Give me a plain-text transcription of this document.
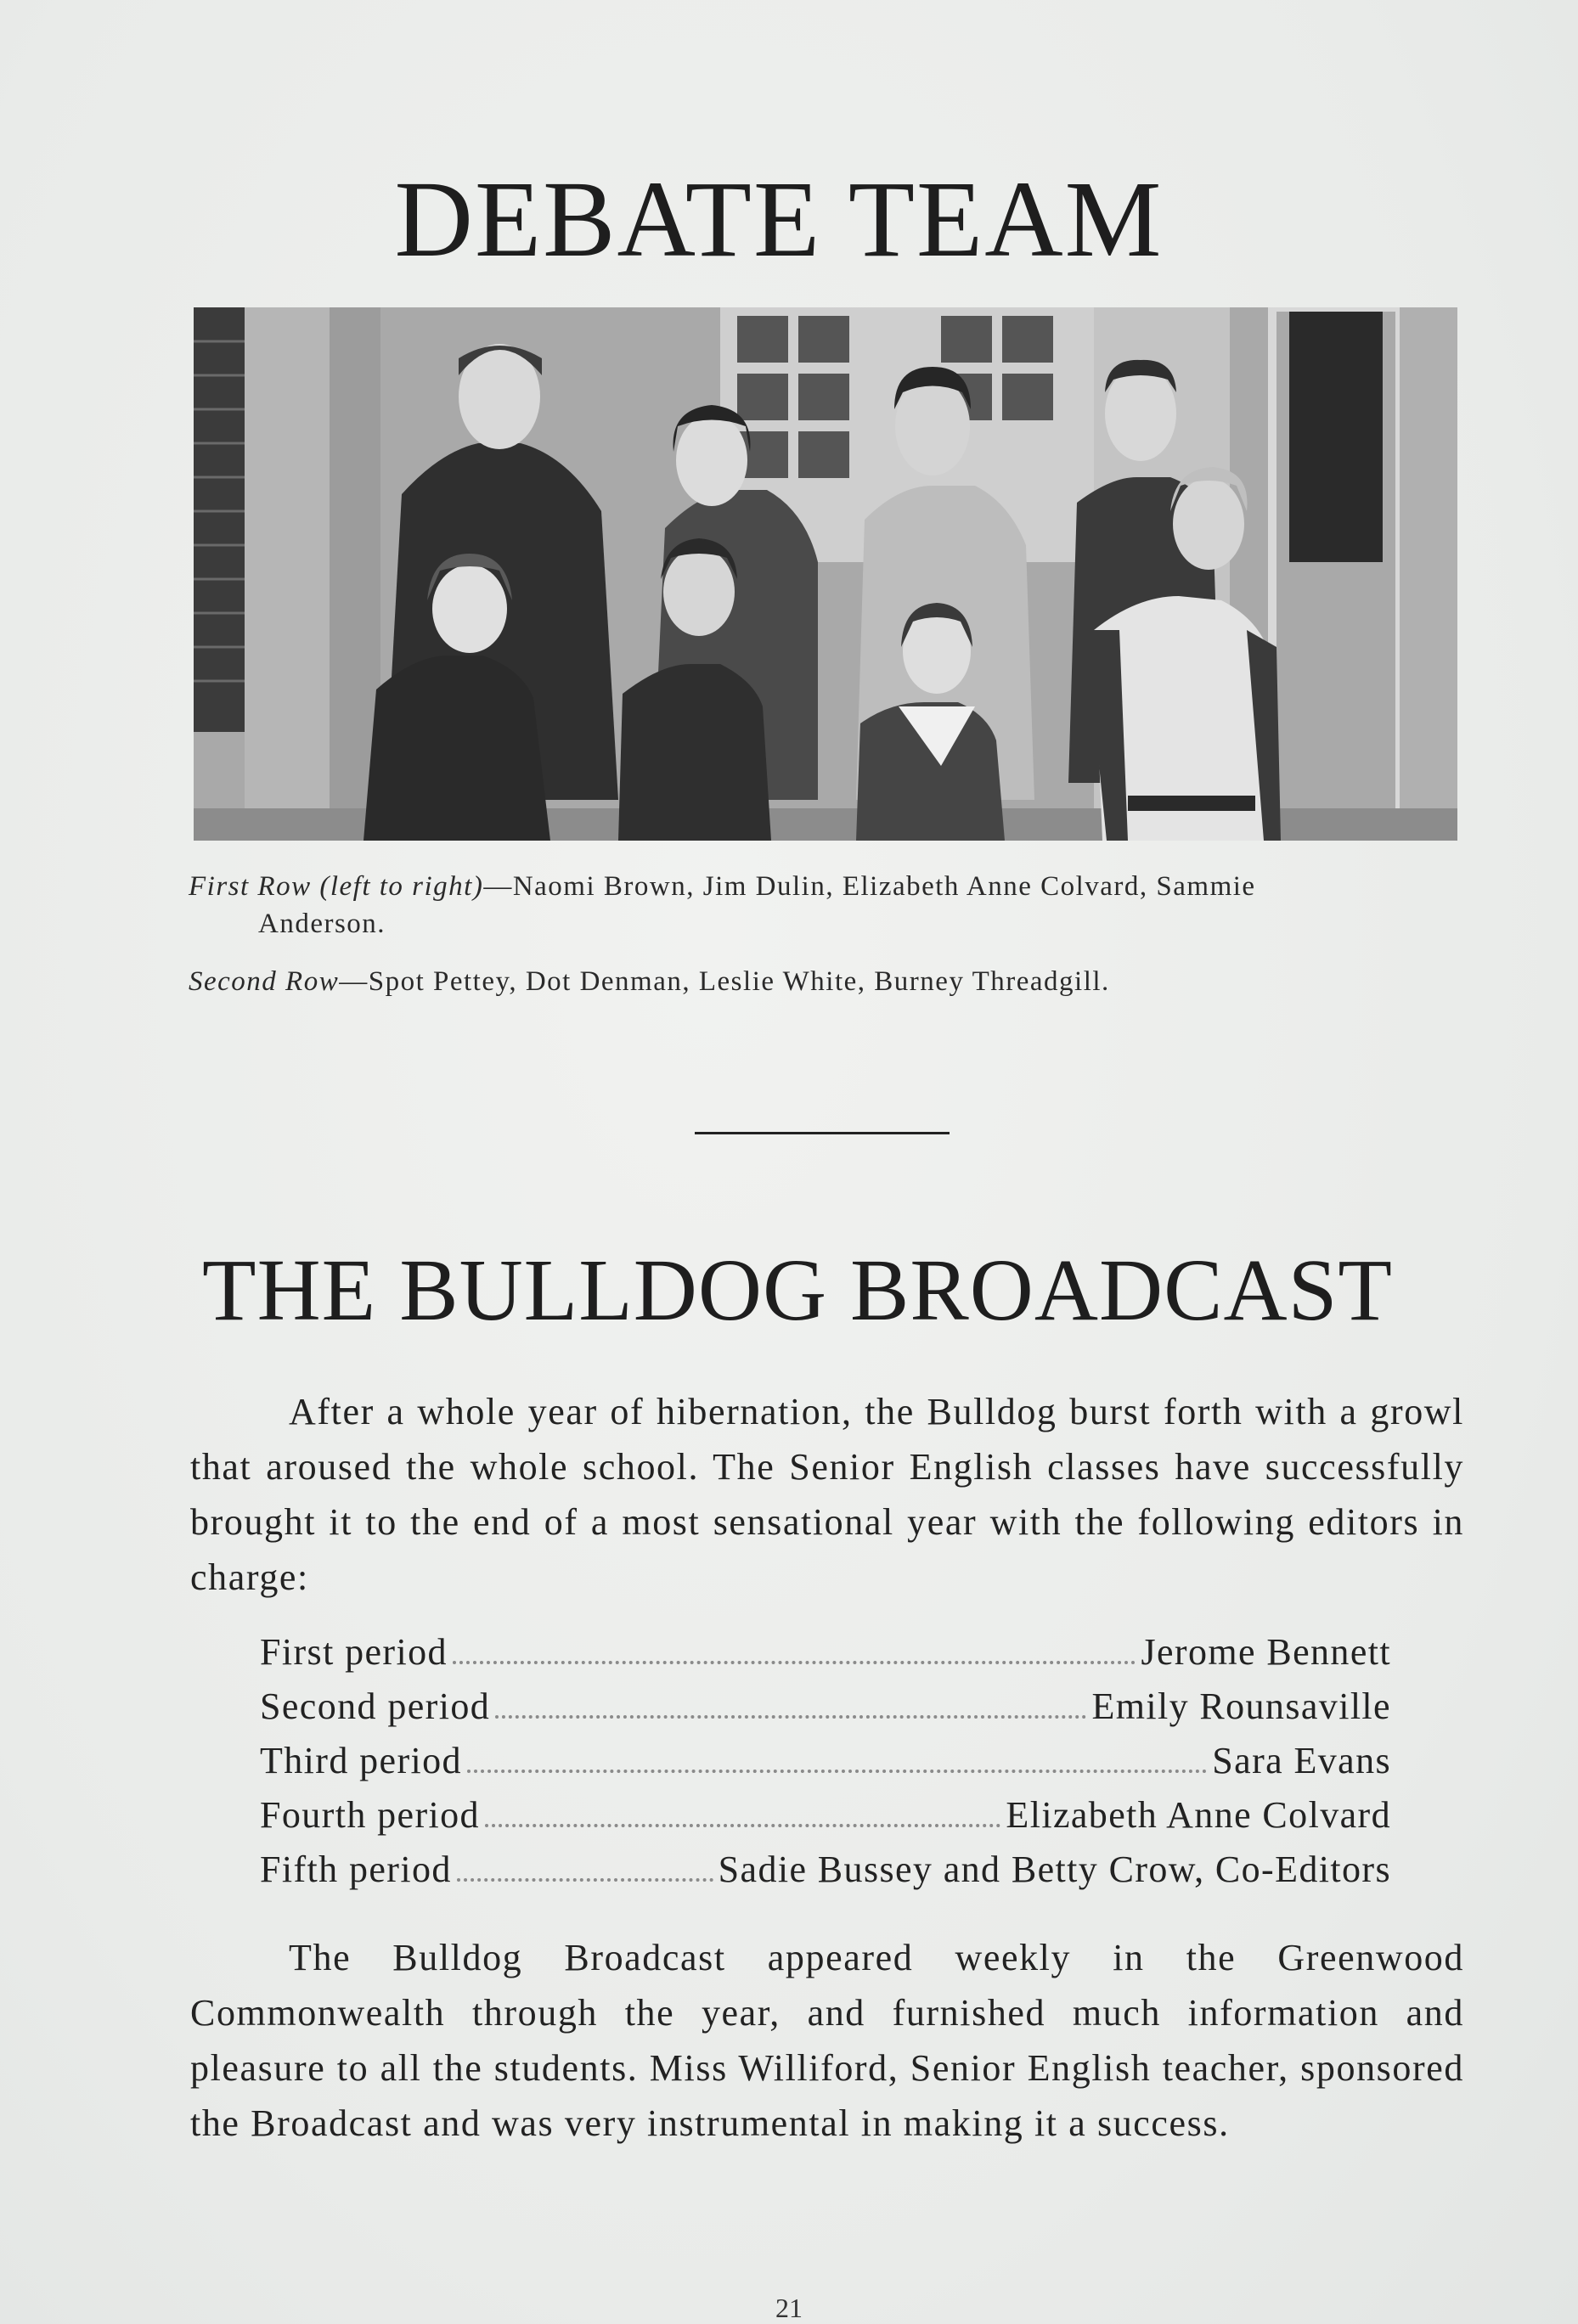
DEBATE TEAM
First Row (left to right)—Naomi Brown, Jim Dulin, Elizabeth Anne Colvard, Sammie
Anderson.
Second Row—Spot Pettey, Dot Denman, Leslie White, Burney Threadgill.
THE BULLDOG BROADCAST

After a whole year of hibernation, the Bulldog burst forth with a growl that aroused the whole school. The Senior English classes have successfully brought it to the end of a most sensational year with the following editors in charge:

First period	Jerome Bennett
Second period	Emily Rounsaville
Third period	Sara Evans
Fourth period	Elizabeth Anne Colvard
Fifth period	Sadie Bussey and Betty Crow, Co-Editors

The Bulldog Broadcast appeared weekly in the Greenwood Commonwealth through the year, and furnished much information and pleasure to all the students. Miss Williford, Senior English teacher, sponsored the Broadcast and was very instrumental in making it a success.

21
